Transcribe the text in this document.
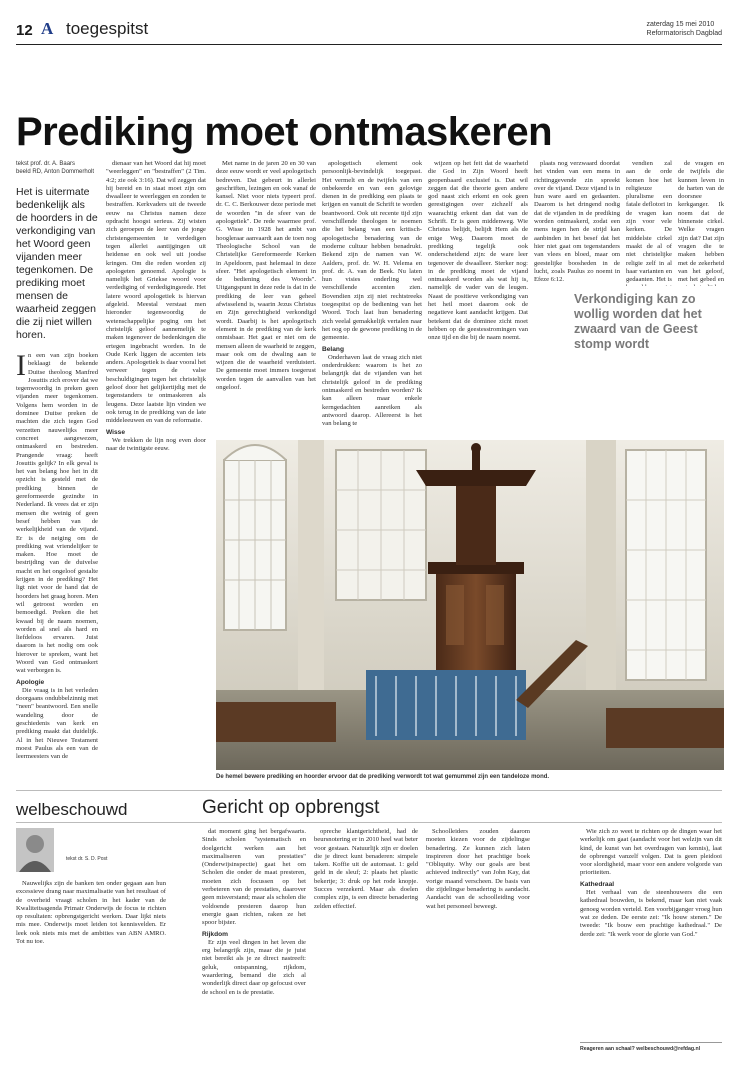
12 A toegespitst	zaterdag 15 mei 2010
Reformatorisch Dagblad
Prediking moet ontmaskeren
tekst prof. dr. A. Baars
beeld RD, Anton Dommerholt
Het is uitermate bedenkelijk als de hoorders in de verkondiging van het Woord geen vijanden meer tegenkomen. De prediking moet mensen de waarheid zeggen die zij niet willen horen.
In een van zijn boeken beklaagt de bekende Duitse theoloog Manfred Josuttis zich erover dat we tegenwoordig in preken geen vijanden meer tegenkomen. Volgens hem worden in de dominee Duitse preken de machten die zich tegen God verzetten nauwelijks meer concreet aangewezen, ontmaskerd en bestreden. Prangende vraag: heeft Josuttis gelijk? In elk geval is het van belang hoe het in dit opzicht is gesteld met de prediking binnen de gereformeerde gezindte in Nederland. Ik vrees dat er zijn mensen die weinig of geen besef hebben van de werkelijkheid van de vijand. Er is de neiging om de prediking wat vriendelijker te maken. Hoe moet de bestrijding van de duivelse macht en het ongeloof gestalte krijgen in de prediking? Het ligt niet voor de hand dat de hoorders het graag horen. Men wil getroost worden en bemoedigd. Preken die het kwaad bij de naam noemen, worden al snel als hard en liefdeloos ervaren. Juist daarom is het nodig om ook hierover te spreken, want het Woord van God ontmaskert wat verborgen is.
Apologie

Die vraag is in het verleden doorgaans ondubbelzinnig met "neen" beantwoord. Een snelle wandeling door de geschiedenis van kerk en prediking maakt dat duidelijk. Al in het Nieuwe Testament moest Paulus als een van de leermeesters van de

dienaar van het Woord dat hij moet "weerleggen" en "bestraffen" (2 Tim. 4:2; zie ook 3:16). Dat wil zeggen dat hij bereid en in staat moet zijn om dwaalleer te weerleggen en zonden te bestraffen. Kerkvaders uit de tweede eeuw na Christus namen deze opdracht hoogst serieus. Zij wisten zich geroepen de leer van de jonge christengemeenten te verdedigen tegen allerlei aantijgingen uit heidense en ook wel uit joodse kringen. Om die reden worden zij apologeten genoemd. Apologie is namelijk het Griekse woord voor verdediging of verdedigingsrede. Het latere woord apologetiek is hiervan afgeleid. Meestal verstaat men hieronder tegenwoordig de wetenschappelijke poging om het christelijk geloof aannemelijk te maken tegenover de bedenkingen die ertegen ingebracht worden. In de Oude Kerk liggen de accenten iets anders. Apologetiek is daar vooral het verweer tegen de valse beschuldigingen tegen het christelijk geloof door het gelijkertijdig met de tegenstanders te ontmaskeren als leugens. Deze laatste lijn vinden we ook terug in de prediking van de late middeleeuwen en van de reformatie.

Wisse

We trekken de lijn nog even door naar de twintigste eeuw.

Met name in de jaren 20 en 30 van deze eeuw wordt er veel apologetisch bedreven. Dat gebeurt in allerlei geschriften, lezingen en ook vanaf de kansel. Niet voor niets typeert prof. dr. C. C. Berkouwer deze periode met de woorden "in de sfeer van de apologetiek". De rede waarmee prof. G. Wisse in 1928 het ambt van hoogleraar aanvaardt aan de toen nog Theologische School van de Christelijke Gereformeerde Kerken in Apeldoorn, past helemaal in deze sfeer. "Het apologetisch element in de bediening des Woords". Uitgangspunt in deze rede is dat in de prediking de leer van geheel afwisselend is, waarin Jezus Christus en Zijn gerechtigheid verkondigd wordt. Daarbij is het apologetisch element in de prediking van de kerk onmisbaar. Het gaat er niet om de mensen alleen de waarheid te zeggen, maar ook om de dwaling aan te wijzen die de waarheid verduistert. De gemeente moet immers toegerust worden tegen de aanvallen van het ongeloof.

apologetisch element ook persoonlijk-bevindelijk toegepast. Het vermelt en de twijfels van een onbekeerde en van een gelovige dienen in de prediking een plaats te krijgen en vanuit de Schrift te worden beantwoord. Ook uit recente tijd zijn verschillende theologen te noemen die het belang van een kritisch-apologetische benadering van de moderne cultuur hebben benadrukt. Bekend zijn de namen van W. Aalders, prof. dr. W. H. Velema en prof. dr. A. van de Beek. Nu laten hun visies onderling wel verschillende accenten zien. Bovendien zijn zij niet rechtstreeks toegespitst op de bediening van het Woord. Toch laat hun benadering zich veelal gemakkelijk vertalen naar het oog op de gewone prediking in de gemeente.

Belang

Onderhaven laat de vraag zich niet onderdrukken: waarom is het zo belangrijk dat de vijanden van het christelijk geloof in de prediking ontmaskerd en bestreden worden? Ik kan alleen maar enkele kerngedachten aanreiken als antwoord daarop. Allereerst is het van belang te

wijzen op het feit dat de waarheid die God in Zijn Woord heeft geopenbaard exclusief is. Dat wil zeggen dat die theorie geen andere god naast zich erkent en ook geen gerestigingen over zichzelf als waarachtig erkent dan dat van de Schrift. Er is geen middenweg. Wie Christus belijdt, belijdt Hem als de enige Weg. Daarom moet de prediking tegelijk ook onderscheidend zijn: de ware leer tegenover de dwaalleer. Sterker nog: in de prediking moet de vijand ontmaskerd worden als wat hij is, namelijk de vader van de leugen. Naast de positieve verkondiging van het heil moet daarom ook de negatieve kant aandacht krijgen. Dat betekent dat de dominee zicht moet hebben op de geestesstromingen van onze tijd en die bij de naam noemt.

plaats nog verzwaard doordat het vinden van een mens in richtinggevende zin spreekt over de vijand. Deze vijand is in hun ware aard en gedaanten. Daarom is het dringend nodig dat de vijanden in de prediking worden ontmaskerd, zodat een mens tegen hen de strijd kan aanbinden in het besef dat het hier niet gaat om tegenstanders van vlees en bloed, maar om geestelijke boosheden in de lucht, zoals Paulus zo noemt in Efeze 6:12.

vendien zal aan de orde komen hoe het religieuze pluralisme een fatale deflotori in de vragen kan zijn voor vele kerken. De middelste cirkel maakt de al of niet christelijke religie zelf in al haar varianten en gedaanten. Het is

de vragen en de twijfels die kunnen leven in de harten van de doorsnee kerkganger. Ik noem dat de binnenste cirkel. Welke vragen zijn dat? Dat zijn vragen die te maken hebben met de zekerheid van het geloof, met het gebed en

Verkondiging kan zo wollig worden dat het zwaard van de Geest stomp wordt
De hemel bewere prediking en hoorder ervoor dat de prediking verwordt tot wat gemummel zijn een tandeloze mond.
welbeschouwd	Gericht op opbrengst
tekst dr. S. D. Post

Nauwelijks zijn de banken ten onder gegaan aan hun excessieve drang naar maximalisatie van het resultaat of de overheid vraagt scholen in het kader van de Kwaliteitsagenda Primair Onderwijs de focus te richten op resultaten: opbrengstgericht werken. Daar lijkt niets mis mee. Onderwijs moet leiden tot kennisvelden. Er leek ook niets mis met de ambities van ABN AMRO. Tot nu toe.

dat moment ging het bergafwaarts. Sinds scholen "systematisch en doelgericht werken aan het maximaliseren van prestaties" (Onderwijsinspectie) gaat het om Scholen die onder de maat presteren, moeten zich focussen op het verbeteren van de prestaties, daarover geen misverstand; maar als scholen die voldoende presteren daarop hun energie gaan richten, raken ze het spoor bijster.

Rijkdom

Er zijn veel dingen in het leven die erg belangrijk zijn, maar die je juist niet bereikt als je ze direct nastreeft: geluk, ontspanning, rijkdom, waardering, bemand die zich al wonderlijk direct daar op gefocust over de school en is de prestatie.

opreche klantgerichtheid, had de beursnotering er in 2010 heel wat beter voor gestaan. Natuurlijk zijn er doelen die je direct kunt benaderen: simpele taken. Koffie uit de automaat. 1: geld geld in de sleuf; 2: plaats het plastic bekertje; 3: druk op het rode knopje. Succes verzekerd. Maar als doelen complex zijn, is een directe benadering zelden effectief.

Schoolleiders zouden daarom moeten kiezen voor de zijdelingse benadering. Ze kunnen zich laten inspireren door het prachtige boek "Obliquity. Why our goals are best achieved indirectly" van John Kay, dat vorige maand verscheen. De basis van die zijdelingse benadering is aandacht. Aandacht van de schoolleiding voor wat het personeel beweegt.

Wie zich zo weet te richten op de dingen waar het werkelijk om gaat (aandacht voor het welzijn van dit kind, de kunst van het overdragen van kennis), laat de opbrengst vanzelf volgen. Dat is geen pleidooi voor slordigheid, maar voor een andere volgorde van prioriteiten.

Kathedraal

Het verhaal van de steenhouwers die een kathedraal bouwden, is bekend, maar kan niet vaak genoeg worden verteld. Een voorbijganger vroeg hun wat ze deden. De eerste zei: "Ik houw stenen." De tweede: "Ik bouw een prachtige kathedraal." De derde zei: "Ik werk voor de glorie van God."

Reageren aan schaal? welbeschouwd@refdag.nl
